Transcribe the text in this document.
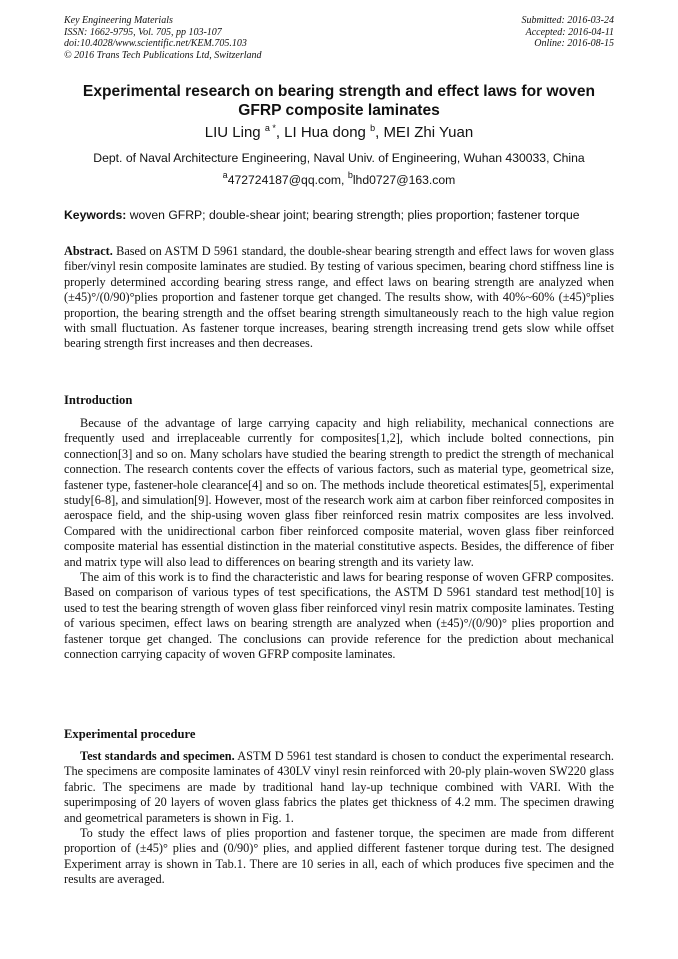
Key Engineering Materials
ISSN: 1662-9795, Vol. 705, pp 103-107
doi:10.4028/www.scientific.net/KEM.705.103
© 2016 Trans Tech Publications Ltd, Switzerland
Submitted: 2016-03-24
Accepted: 2016-04-11
Online: 2016-08-15
Experimental research on bearing strength and effect laws for woven GFRP composite laminates
LIU Ling $^{a *}$, LI Hua dong $^b$, MEI Zhi Yuan
Dept. of Naval Architecture Engineering, Naval Univ. of Engineering, Wuhan 430033, China
$^a$472724187@qq.com, $^b$lhd0727@163.com
Keywords: woven GFRP; double-shear joint; bearing strength; plies proportion; fastener torque

Abstract. Based on ASTM D 5961 standard, the double-shear bearing strength and effect laws for woven glass fiber/vinyl resin composite laminates are studied. By testing of various specimen, bearing chord stiffness line is properly determined according bearing stress range, and effect laws on bearing strength are analyzed when (±45)°/(0/90)°plies proportion and fastener torque get changed. The results show, with 40%~60% (±45)°plies proportion, the bearing strength and the offset bearing strength simultaneously reach to the high value region with small fluctuation. As fastener torque increases, bearing strength increasing trend gets slow while offset bearing strength first increases and then decreases.

Introduction

Because of the advantage of large carrying capacity and high reliability, mechanical connections are frequently used and irreplaceable currently for composites[1,2], which include bolted connections, pin connection[3] and so on. Many scholars have studied the bearing strength to predict the strength of mechanical connection. The research contents cover the effects of various factors, such as material type, geometrical size, fastener type, fastener-hole clearance[4] and so on. The methods include theoretical estimates[5], experimental study[6-8], and simulation[9]. However, most of the research work aim at carbon fiber reinforced composites in aerospace field, and the ship-using woven glass fiber reinforced resin matrix composites are less involved. Compared with the unidirectional carbon fiber reinforced composite material, woven glass fiber reinforced composite material has essential distinction in the material constitutive aspects. Besides, the difference of fiber and matrix type will also lead to differences on bearing strength and its variety law.

The aim of this work is to find the characteristic and laws for bearing response of woven GFRP composites. Based on comparison of various types of test specifications, the ASTM D 5961 standard test method[10] is used to test the bearing strength of woven glass fiber reinforced vinyl resin matrix composite laminates. Testing of various specimen, effect laws on bearing strength are analyzed when (±45)°/(0/90)° plies proportion and fastener torque get changed. The conclusions can provide reference for the prediction about mechanical connection carrying capacity of woven GFRP composite laminates.

Experimental procedure

Test standards and specimen. ASTM D 5961 test standard is chosen to conduct the experimental research. The specimens are composite laminates of 430LV vinyl resin reinforced with 20-ply plain-woven SW220 glass fabric. The specimens are made by traditional hand lay-up technique combined with VARI. With the superimposing of 20 layers of woven glass fabrics the plates get thickness of 4.2 mm. The specimen drawing and geometrical parameters is shown in Fig. 1.

To study the effect laws of plies proportion and fastener torque, the specimen are made from different proportion of (±45)° plies and (0/90)° plies, and applied different fastener torque during test. The designed Experiment array is shown in Tab.1. There are 10 series in all, each of which produces five specimen and the results are averaged.
